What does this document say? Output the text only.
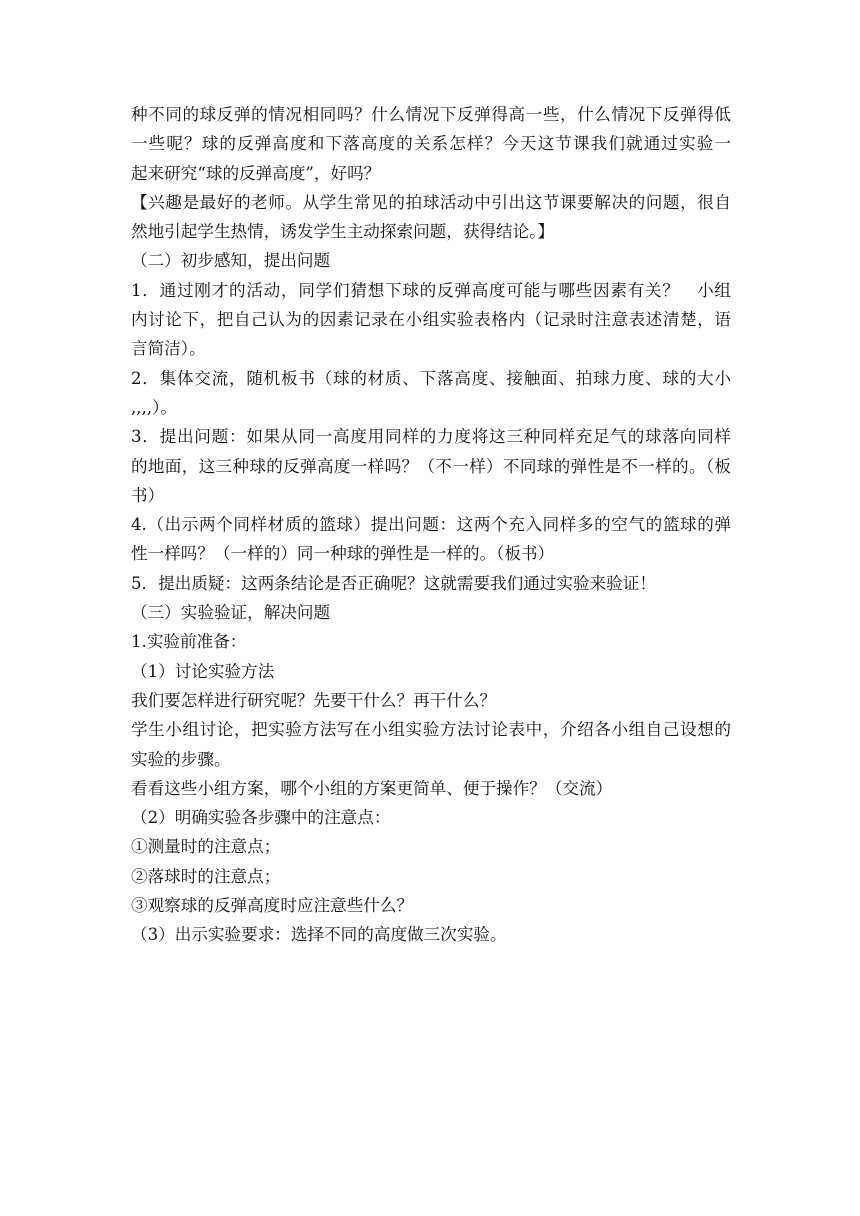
种不同的球反弹的情况相同吗？什么情况下反弹得高一些，什么情况下反弹得低
一些呢？球的反弹高度和下落高度的关系怎样？今天这节课我们就通过实验一
起来研究“球的反弹高度”，好吗？
【兴趣是最好的老师。从学生常见的拍球活动中引出这节课要解决的问题，很自
然地引起学生热情，诱发学生主动探索问题，获得结论。】
（二）初步感知，提出问题
1．通过刚才的活动，同学们猜想下球的反弹高度可能与哪些因素有关？　小组
内讨论下，把自己认为的因素记录在小组实验表格内（记录时注意表述清楚，语
言简洁）。
2．集体交流，随机板书（球的材质、下落高度、接触面、拍球力度、球的大小
,,,,）。
3．提出问题：如果从同一高度用同样的力度将这三种同样充足气的球落向同样
的地面，这三种球的反弹高度一样吗？（不一样）不同球的弹性是不一样的。（板
书）
4.（出示两个同样材质的篮球）提出问题：这两个充入同样多的空气的篮球的弹
性一样吗？（一样的）同一种球的弹性是一样的。（板书）
5．提出质疑：这两条结论是否正确呢？这就需要我们通过实验来验证！
（三）实验验证，解决问题
1.实验前准备：
（1）讨论实验方法
我们要怎样进行研究呢？先要干什么？再干什么？
学生小组讨论，把实验方法写在小组实验方法讨论表中，介绍各小组自己设想的
实验的步骤。
看看这些小组方案，哪个小组的方案更简单、便于操作？（交流）
（2）明确实验各步骤中的注意点：
①测量时的注意点；
②落球时的注意点；
③观察球的反弹高度时应注意些什么？
（3）出示实验要求：选择不同的高度做三次实验。
